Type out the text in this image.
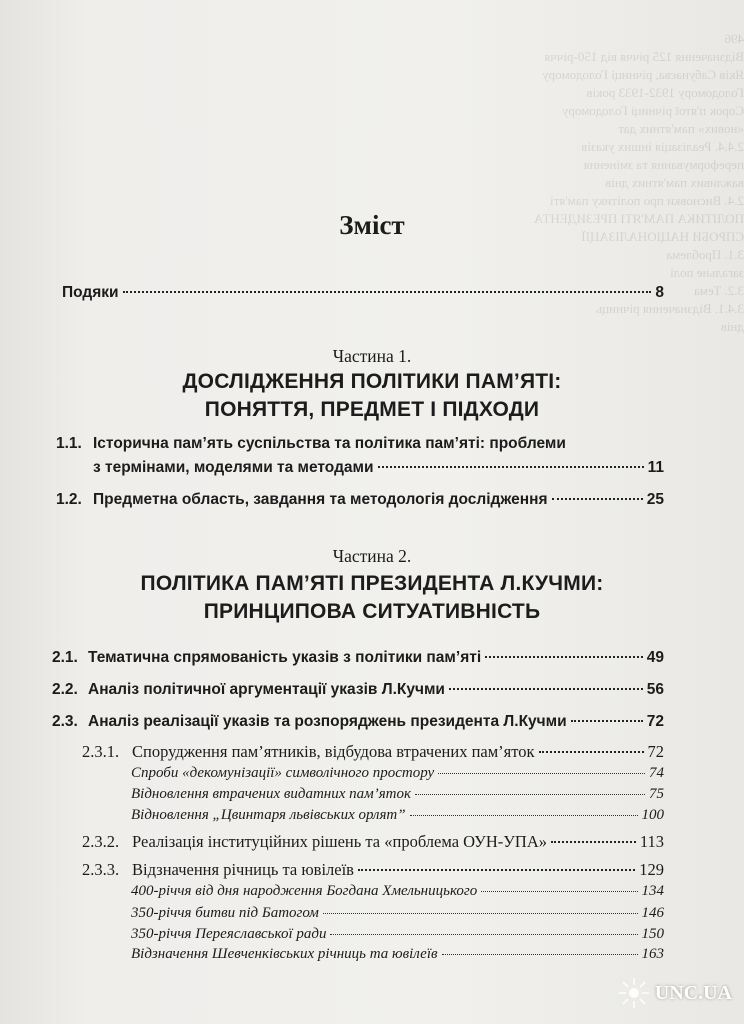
496
Відзначення 125 річчя від 150-річчя
Яків Сабунаєва, річниці Голодомору
Голодомору 1932-1933 років
Сорок п'ятої річниці Голодомору
«нових» пам'ятних дат
2.4.4. Реалізація інших указів
переформування та змінення
важливих пам'ятних днів
2.4. Висновки про політику пам'яті
ПОЛІТИКА ПАМ'ЯТІ ПРЕЗИДЕНТА
СПРОБИ НАЦІОНАЛІЗАЦІЇ
3.1. Проблема
загальне полі
3.2. Тема
3.4.1. Відзначення річниць
днів
Зміст
Подяки	8
Частина 1.
ДОСЛІДЖЕННЯ ПОЛІТИКИ ПАМ’ЯТІ:
ПОНЯТТЯ, ПРЕДМЕТ І ПІДХОДИ
1.1. Історична пам’ять суспільства та політика пам’яті: проблеми
з термінами, моделями та методами	11
1.2. Предметна область, завдання та методологія дослідження	25
Частина 2.
ПОЛІТИКА ПАМ’ЯТІ ПРЕЗИДЕНТА Л.КУЧМИ:
ПРИНЦИПОВА СИТУАТИВНІСТЬ
2.1. Тематична спрямованість указів з політики пам’яті	49
2.2. Аналіз політичної аргументації указів Л.Кучми	56
2.3. Аналіз реалізації указів та розпоряджень президента Л.Кучми	72
2.3.1. Спорудження пам’ятників, відбудова втрачених пам’яток	72
Спроби «декомунізації» символічного простору	74
Відновлення втрачених видатних пам’яток	75
Відновлення „Цвинтаря львівських орлят”	100
2.3.2. Реалізація інституційних рішень та «проблема ОУН-УПА»	113
2.3.3. Відзначення річниць та ювілеїв	129
400-річчя від дня народження Богдана Хмельницького	134
350-річчя битви під Батогом	146
350-річчя Переяславської ради	150
Відзначення Шевченківських річниць та ювілеїв	163
UNC.UA
